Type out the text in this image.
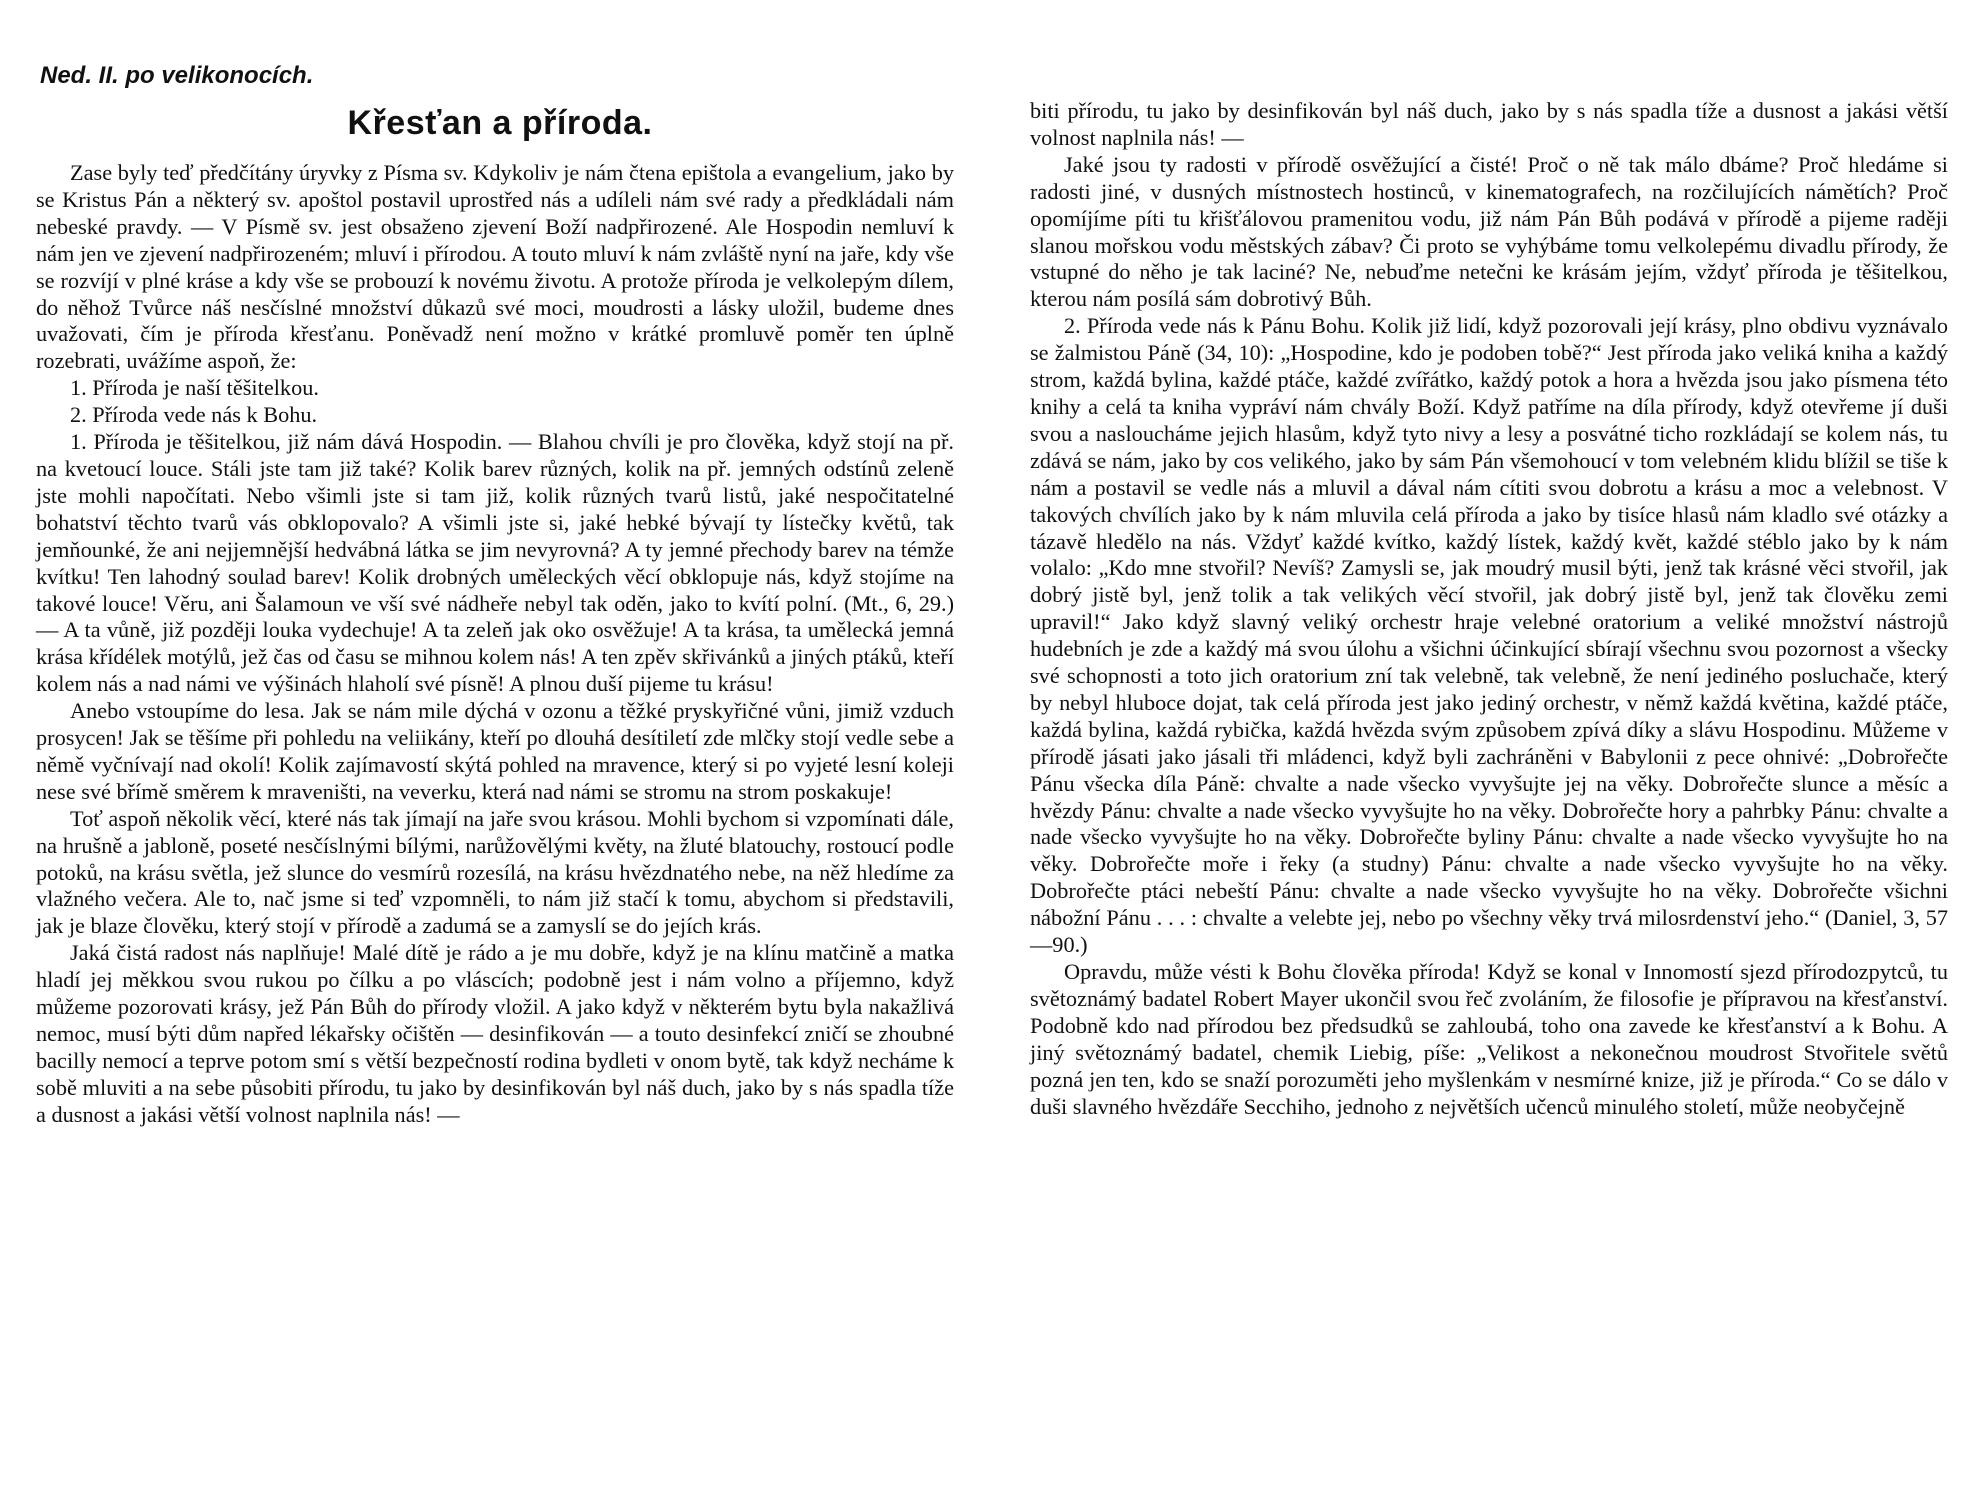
Ned. II. po velikonocích.
Křesťan a příroda.

Zase byly teď předčítány úryvky z Písma sv. Kdykoliv je nám čtena epištola a evangelium, jako by se Kristus Pán a některý sv. apoštol postavil uprostřed nás a udíleli nám své rady a předkládali nám nebeské pravdy. — V Písmě sv. jest obsaženo zjevení Boží nadpřirozené. Ale Hospodin nemluví k nám jen ve zjevení nadpřirozeném; mluví i přírodou. A touto mluví k nám zvláště nyní na jaře, kdy vše se rozvíjí v plné kráse a kdy vše se probouzí k novému životu. A protože příroda je velkolepým dílem, do něhož Tvůrce náš nesčíslné množství důkazů své moci, moudrosti a lásky uložil, budeme dnes uvažovati, čím je příroda křesťanu. Poněvadž není možno v krátké promluvě poměr ten úplně rozebrati, uvážíme aspoň, že:

1. Příroda je naší těšitelkou.

2. Příroda vede nás k Bohu.

1. Příroda je těšitelkou, již nám dává Hospodin. — Blahou chvíli je pro člověka, když stojí na př. na kvetoucí louce. Stáli jste tam již také? Kolik barev různých, kolik na př. jemných odstínů zeleně jste mohli napočítati. Nebo všimli jste si tam již, kolik různých tvarů listů, jaké nespočitatelné bohatství těchto tvarů vás obklopovalo? A všimli jste si, jaké hebké bývají ty lístečky květů, tak jemňounké, že ani nejjemnější hedvábná látka se jim nevyrovná? A ty jemné přechody barev na témže kvítku! Ten lahodný soulad barev! Kolik drobných uměleckých věcí obklopuje nás, když stojíme na takové louce! Věru, ani Šalamoun ve vší své nádheře nebyl tak oděn, jako to kvítí polní. (Mt., 6, 29.) — A ta vůně, již později louka vydechuje! A ta zeleň jak oko osvěžuje! A ta krása, ta umělecká jemná krása křídélek motýlů, jež čas od času se mihnou kolem nás! A ten zpěv skřivánků a jiných ptáků, kteří kolem nás a nad námi ve výšinách hlaholí své písně! A plnou duší pijeme tu krásu!

Anebo vstoupíme do lesa. Jak se nám mile dýchá v ozonu a těžké pryskyřičné vůni, jimiž vzduch prosycen! Jak se těšíme při pohledu na veliikány, kteří po dlouhá desítiletí zde mlčky stojí vedle sebe a němě vyčnívají nad okolí! Kolik zajímavostí skýtá pohled na mravence, který si po vyjeté lesní koleji nese své břímě směrem k mraveništi, na veverku, která nad námi se stromu na strom poskakuje!

Toť aspoň několik věcí, které nás tak jímají na jaře svou krásou. Mohli bychom si vzpomínati dále, na hrušně a jabloně, poseté nesčíslnými bílými, narůžovělými květy, na žluté blatouchy, rostoucí podle potoků, na krásu světla, jež slunce do vesmírů rozesílá, na krásu hvězdnatého nebe, na něž hledíme za vlažného večera. Ale to, nač jsme si teď vzpomněli, to nám již stačí k tomu, abychom si představili, jak je blaze člověku, který stojí v přírodě a zadumá se a zamyslí se do jejích krás.

Jaká čistá radost nás naplňuje! Malé dítě je rádo a je mu dobře, když je na klínu matčině a matka hladí jej měkkou svou rukou po čílku a po vláscích; podobně jest i nám volno a příjemno, když můžeme pozorovati krásy, jež Pán Bůh do přírody vložil. A jako když v některém bytu byla nakažlivá nemoc, musí býti dům napřed lékařsky očištěn — desinfikován — a touto desinfekcí zničí se zhoubné bacilly nemocí a teprve potom smí s větší bezpečností rodina bydleti v onom bytě, tak když necháme k sobě mluviti a na sebe působiti přírodu, tu jako by desinfikován byl náš duch, jako by s nás spadla tíže a dusnost a jakási větší volnost naplnila nás! —

biti přírodu, tu jako by desinfikován byl náš duch, jako by s nás spadla tíže a dusnost a jakási větší volnost naplnila nás! —

Jaké jsou ty radosti v přírodě osvěžující a čisté! Proč o ně tak málo dbáme? Proč hledáme si radosti jiné, v dusných místnostech hostinců, v kinematografech, na rozčilujících námětích? Proč opomíjíme píti tu křišťálovou pramenitou vodu, již nám Pán Bůh podává v přírodě a pijeme raději slanou mořskou vodu městských zábav? Či proto se vyhýbáme tomu velkolepému divadlu přírody, že vstupné do něho je tak laciné? Ne, nebuďme netečni ke krásám jejím, vždyť příroda je těšitelkou, kterou nám posílá sám dobrotivý Bůh.

2. Příroda vede nás k Pánu Bohu. Kolik již lidí, když pozorovali její krásy, plno obdivu vyznávalo se žalmistou Páně (34, 10): „Hospodine, kdo je podoben tobě?“ Jest příroda jako veliká kniha a každý strom, každá bylina, každé ptáče, každé zvířátko, každý potok a hora a hvězda jsou jako písmena této knihy a celá ta kniha vypráví nám chvály Boží. Když patříme na díla přírody, když otevřeme jí duši svou a nasloucháme jejich hlasům, když tyto nivy a lesy a posvátné ticho rozkládají se kolem nás, tu zdává se nám, jako by cos velikého, jako by sám Pán všemohoucí v tom velebném klidu blížil se tiše k nám a postavil se vedle nás a mluvil a dával nám cítiti svou dobrotu a krásu a moc a velebnost. V takových chvílích jako by k nám mluvila celá příroda a jako by tisíce hlasů nám kladlo své otázky a tázavě hledělo na nás. Vždyť každé kvítko, každý lístek, každý květ, každé stéblo jako by k nám volalo: „Kdo mne stvořil? Nevíš? Zamysli se, jak moudrý musil býti, jenž tak krásné věci stvořil, jak dobrý jistě byl, jenž tolik a tak velikých věcí stvořil, jak dobrý jistě byl, jenž tak člověku zemi upravil!“ Jako když slavný veliký orchestr hraje velebné oratorium a veliké množství nástrojů hudebních je zde a každý má svou úlohu a všichni účinkující sbírají všechnu svou pozornost a všecky své schopnosti a toto jich oratorium zní tak velebně, tak velebně, že není jediného posluchače, který by nebyl hluboce dojat, tak celá příroda jest jako jediný orchestr, v němž každá květina, každé ptáče, každá bylina, každá rybička, každá hvězda svým způsobem zpívá díky a slávu Hospodinu. Můžeme v přírodě jásati jako jásali tři mládenci, když byli zachráněni v Babylonii z pece ohnivé: „Dobrořečte Pánu všecka díla Páně: chvalte a nade všecko vyvyšujte jej na věky. Dobrořečte slunce a měsíc a hvězdy Pánu: chvalte a nade všecko vyvyšujte ho na věky. Dobrořečte hory a pahrbky Pánu: chvalte a nade všecko vyvyšujte ho na věky. Dobrořečte byliny Pánu: chvalte a nade všecko vyvyšujte ho na věky. Dobrořečte moře i řeky (a studny) Pánu: chvalte a nade všecko vyvyšujte ho na věky. Dobrořečte ptáci nebeští Pánu: chvalte a nade všecko vyvyšujte ho na věky. Dobrořečte všichni nábožní Pánu . . . : chvalte a velebte jej, nebo po všechny věky trvá milosrdenství jeho.“ (Daniel, 3, 57—90.)

Opravdu, může vésti k Bohu člověka příroda! Když se konal v Innomostí sjezd přírodozpytců, tu světoznámý badatel Robert Mayer ukončil svou řeč zvoláním, že filosofie je přípravou na křesťanství. Podobně kdo nad přírodou bez předsudků se zahloubá, toho ona zavede ke křesťanství a k Bohu. A jiný světoznámý badatel, chemik Liebig, píše: „Velikost a nekonečnou moudrost Stvořitele světů pozná jen ten, kdo se snaží porozuměti jeho myšlenkám v nesmírné knize, již je příroda.“ Co se dálo v duši slavného hvězdáře Secchiho, jednoho z největších učenců minulého století, může neobyčejně
